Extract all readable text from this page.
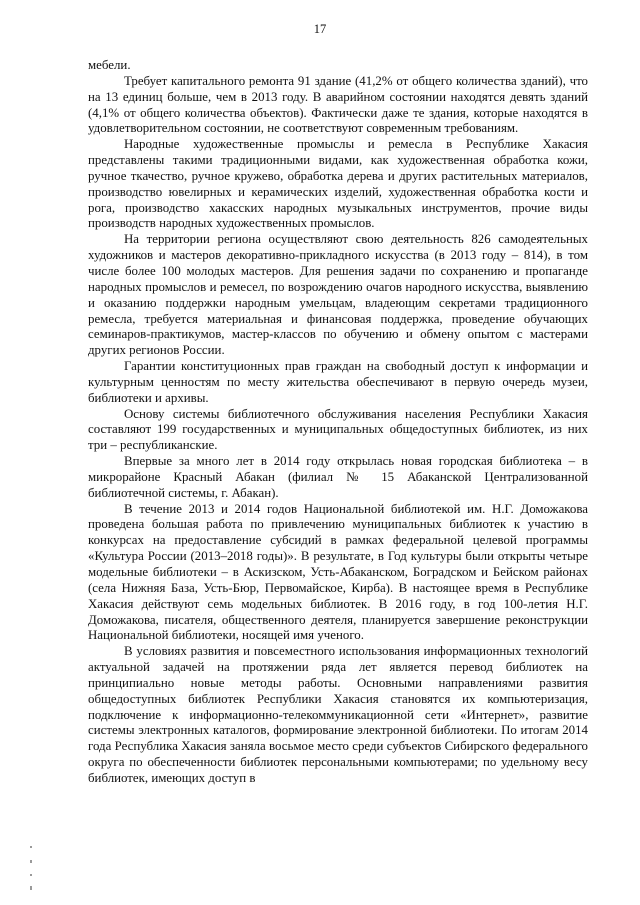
17

мебели.

Требует капитального ремонта 91 здание (41,2% от общего количества зданий), что на 13 единиц больше, чем в 2013 году. В аварийном состоянии находятся девять зданий (4,1% от общего количества объектов). Фактически даже те здания, которые находятся в удовлетворительном состоянии, не соответствуют современным требованиям.

Народные художественные промыслы и ремесла в Республике Хакасия представлены такими традиционными видами, как художественная обработка кожи, ручное ткачество, ручное кружево, обработка дерева и других растительных материалов, производство ювелирных и керамических изделий, художественная обработка кости и рога, производство хакасских народных музыкальных инструментов, прочие виды производств народных художественных промыслов.

На территории региона осуществляют свою деятельность 826 самодеятельных художников и мастеров декоративно-прикладного искусства (в 2013 году – 814), в том числе более 100 молодых мастеров. Для решения задачи по сохранению и пропаганде народных промыслов и ремесел, по возрождению очагов народного искусства, выявлению и оказанию поддержки народным умельцам, владеющим секретами традиционного ремесла, требуется материальная и финансовая поддержка, проведение обучающих семинаров-практикумов, мастер-классов по обучению и обмену опытом с мастерами других регионов России.

Гарантии конституционных прав граждан на свободный доступ к информации и культурным ценностям по месту жительства обеспечивают в первую очередь музеи, библиотеки и архивы.

Основу системы библиотечного обслуживания населения Республики Хакасия составляют 199 государственных и муниципальных общедоступных библиотек, из них три – республиканские.

Впервые за много лет в 2014 году открылась новая городская библиотека – в микрорайоне Красный Абакан (филиал № 15 Абаканской Централизованной библиотечной системы, г. Абакан).

В течение 2013 и 2014 годов Национальной библиотекой им. Н.Г. Доможакова проведена большая работа по привлечению муниципальных библиотек к участию в конкурсах на предоставление субсидий в рамках федеральной целевой программы «Культура России (2013–2018 годы)». В результате, в Год культуры были открыты четыре модельные библиотеки – в Аскизском, Усть-Абаканском, Боградском и Бейском районах (села Нижняя База, Усть-Бюр, Первомайское, Кирба). В настоящее время в Республике Хакасия действуют семь модельных библиотек. В 2016 году, в год 100-летия Н.Г. Доможакова, писателя, общественного деятеля, планируется завершение реконструкции Национальной библиотеки, носящей имя ученого.

В условиях развития и повсеместного использования информационных технологий актуальной задачей на протяжении ряда лет является перевод библиотек на принципиально новые методы работы. Основными направлениями развития общедоступных библиотек Республики Хакасия становятся их компьютеризация, подключение к информационно-телекоммуникационной сети «Интернет», развитие системы электронных каталогов, формирование электронной библиотеки. По итогам 2014 года Республика Хакасия заняла восьмое место среди субъектов Сибирского федерального округа по обеспеченности библиотек персональными компьютерами; по удельному весу библиотек, имеющих доступ в
